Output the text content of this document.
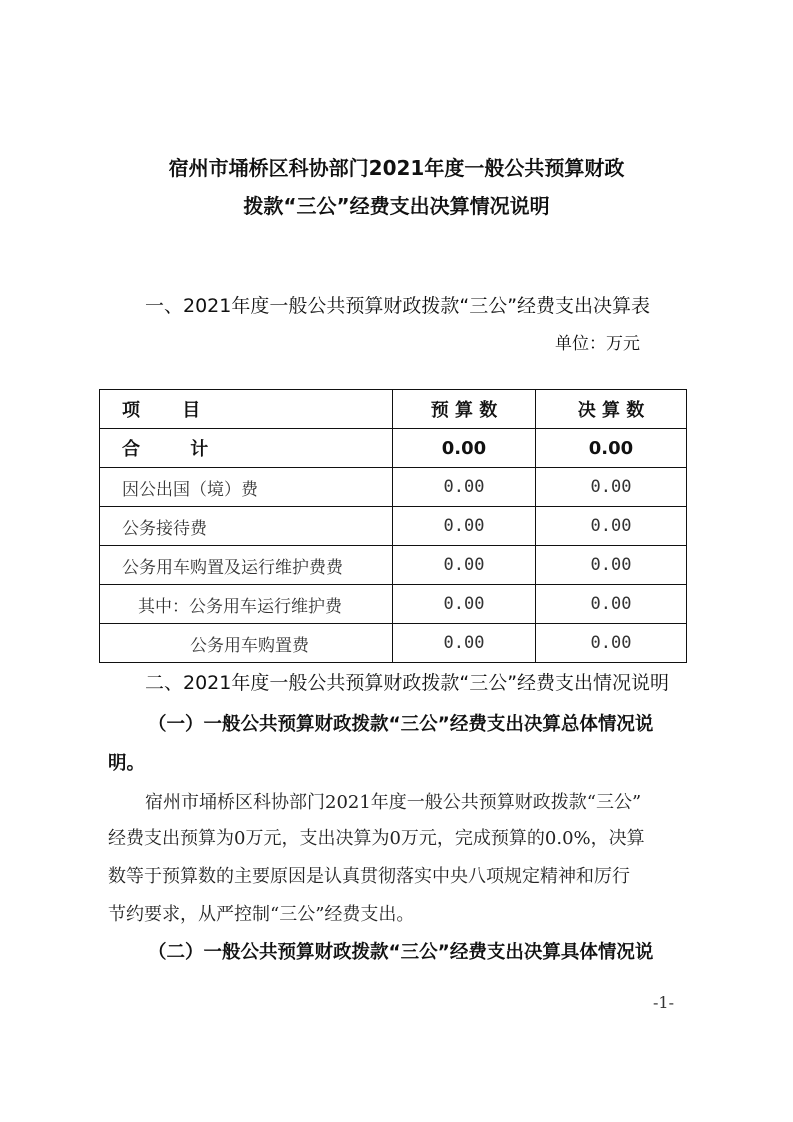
宿州市埇桥区科协部门2021年度一般公共预算财政
拨款“三公”经费支出决算情况说明
一、2021年度一般公共预算财政拨款“三公”经费支出决算表
单位：万元
项 目	预 算 数	决 算 数
合 计	0.00	0.00
因公出国（境）费	0.00	0.00
公务接待费	0.00	0.00
公务用车购置及运行维护费费	0.00	0.00
其中：公务用车运行维护费	0.00	0.00
公务用车购置费	0.00	0.00
二、2021年度一般公共预算财政拨款“三公”经费支出情况说明
（一）一般公共预算财政拨款“三公”经费支出决算总体情况说
明。
宿州市埇桥区科协部门2021年度一般公共预算财政拨款“三公”
经费支出预算为0万元，支出决算为0万元，完成预算的0.0%，决算
数等于预算数的主要原因是认真贯彻落实中央八项规定精神和厉行
节约要求，从严控制“三公”经费支出。
（二）一般公共预算财政拨款“三公”经费支出决算具体情况说
-1-
